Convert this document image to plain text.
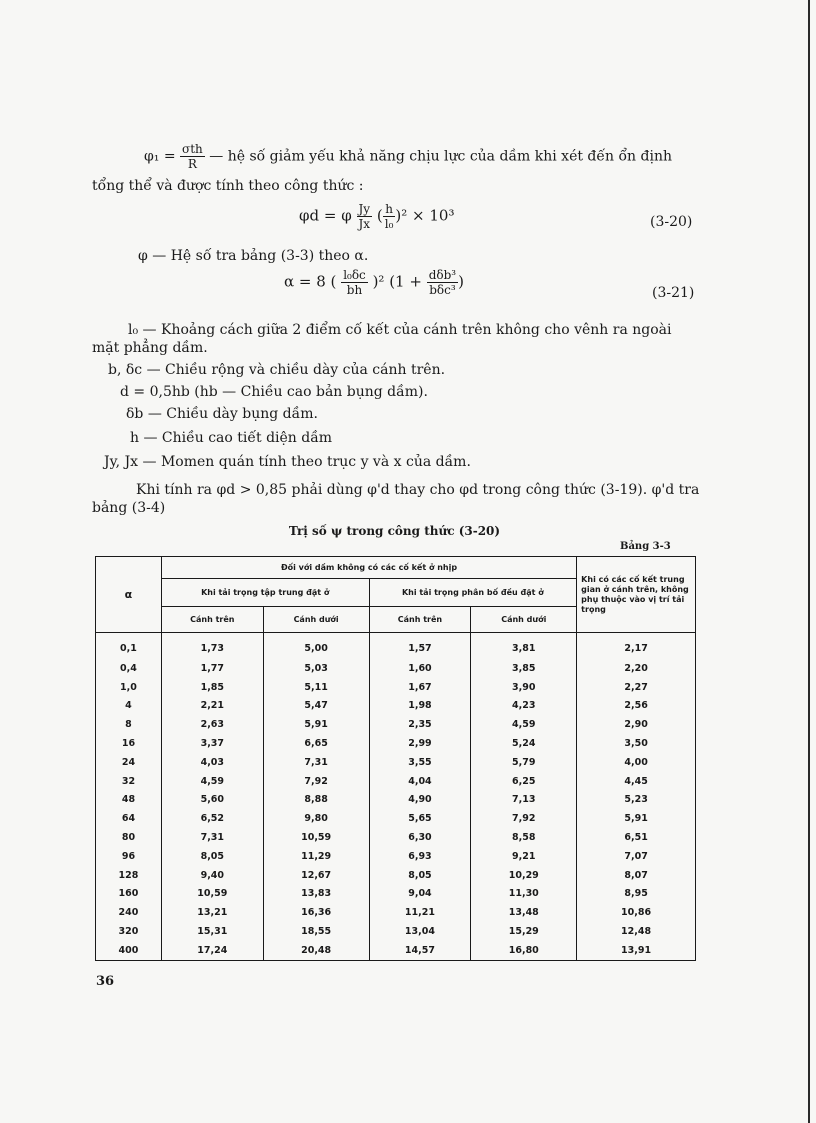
$\varphi_1 = \frac{\text{σth}}{R}$ — hệ số giảm yếu khả năng chịu lực của dầm khi xét đến ổn định
tổng thể và được tính theo công thức :
φd = φ $\frac{Jy}{Jx}$ ( $\frac{h}{\text{l₀}} )^2 \times 10^3$	(3-20)
φ — Hệ số tra bảng (3-3) theo α.
α = 8 ( $\frac{\text{l₀δc}}{bh} )^2$ ($1 + \frac{\text{dδb³}}{\text{bδc³}}$ )
(3-21)
l₀ — Khoảng cách giữa 2 điểm cố kết của cánh trên không cho vênh ra ngoài
mặt phẳng dầm.
b, δc — Chiều rộng và chiều dày của cánh trên.
d = 0,5hb (hb — Chiều cao bản bụng dầm).
δb — Chiều dày bụng dầm.
h — Chiều cao tiết diện dầm
Jy, Jx — Momen quán tính theo trục y và x của dầm.
Khi tính ra φd > 0,85 phải dùng φ'd thay cho φd trong công thức (3-19). φ'd tra
bảng (3-4)
Trị số ψ trong công thức (3-20)
Bảng 3-3
α	Đối với dầm không có các cố kết ở nhịp				Khi có các cố kết trung gian ở cánh trên, không phụ thuộc vào vị trí tải trọng
	Khi tải trọng tập trung đặt ở		Khi tải trọng phân bố đều đặt ở		
	Cánh trên	Cánh dưới	Cánh trên	Cánh dưới	
0,1	1,73	5,00	1,57	3,81	2,17
0,4	1,77	5,03	1,60	3,85	2,20
1,0	1,85	5,11	1,67	3,90	2,27
4	2,21	5,47	1,98	4,23	2,56
8	2,63	5,91	2,35	4,59	2,90
16	3,37	6,65	2,99	5,24	3,50
24	4,03	7,31	3,55	5,79	4,00
32	4,59	7,92	4,04	6,25	4,45
48	5,60	8,88	4,90	7,13	5,23
64	6,52	9,80	5,65	7,92	5,91
80	7,31	10,59	6,30	8,58	6,51
96	8,05	11,29	6,93	9,21	7,07
128	9,40	12,67	8,05	10,29	8,07
160	10,59	13,83	9,04	11,30	8,95
240	13,21	16,36	11,21	13,48	10,86
320	15,31	18,55	13,04	15,29	12,48
400	17,24	20,48	14,57	16,80	13,91
36
